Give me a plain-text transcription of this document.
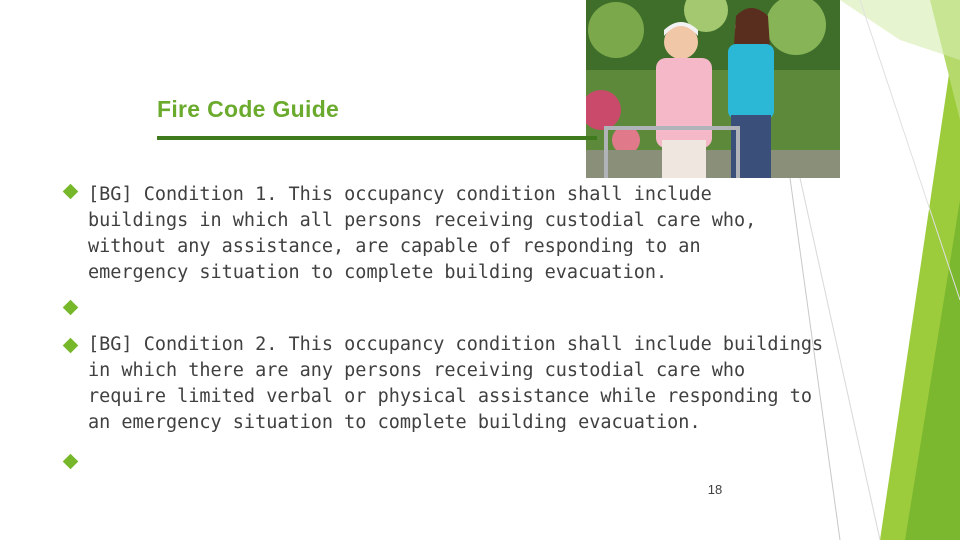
Fire Code Guide
[BG] Condition 1. This occupancy condition shall include
buildings in which all persons receiving custodial care who,
without any assistance, are capable of responding to an
emergency situation to complete building evacuation.
[BG] Condition 2. This occupancy condition shall include buildings
in which there are any persons receiving custodial care who
require limited verbal or physical assistance while responding to
an emergency situation to complete building evacuation.
18
